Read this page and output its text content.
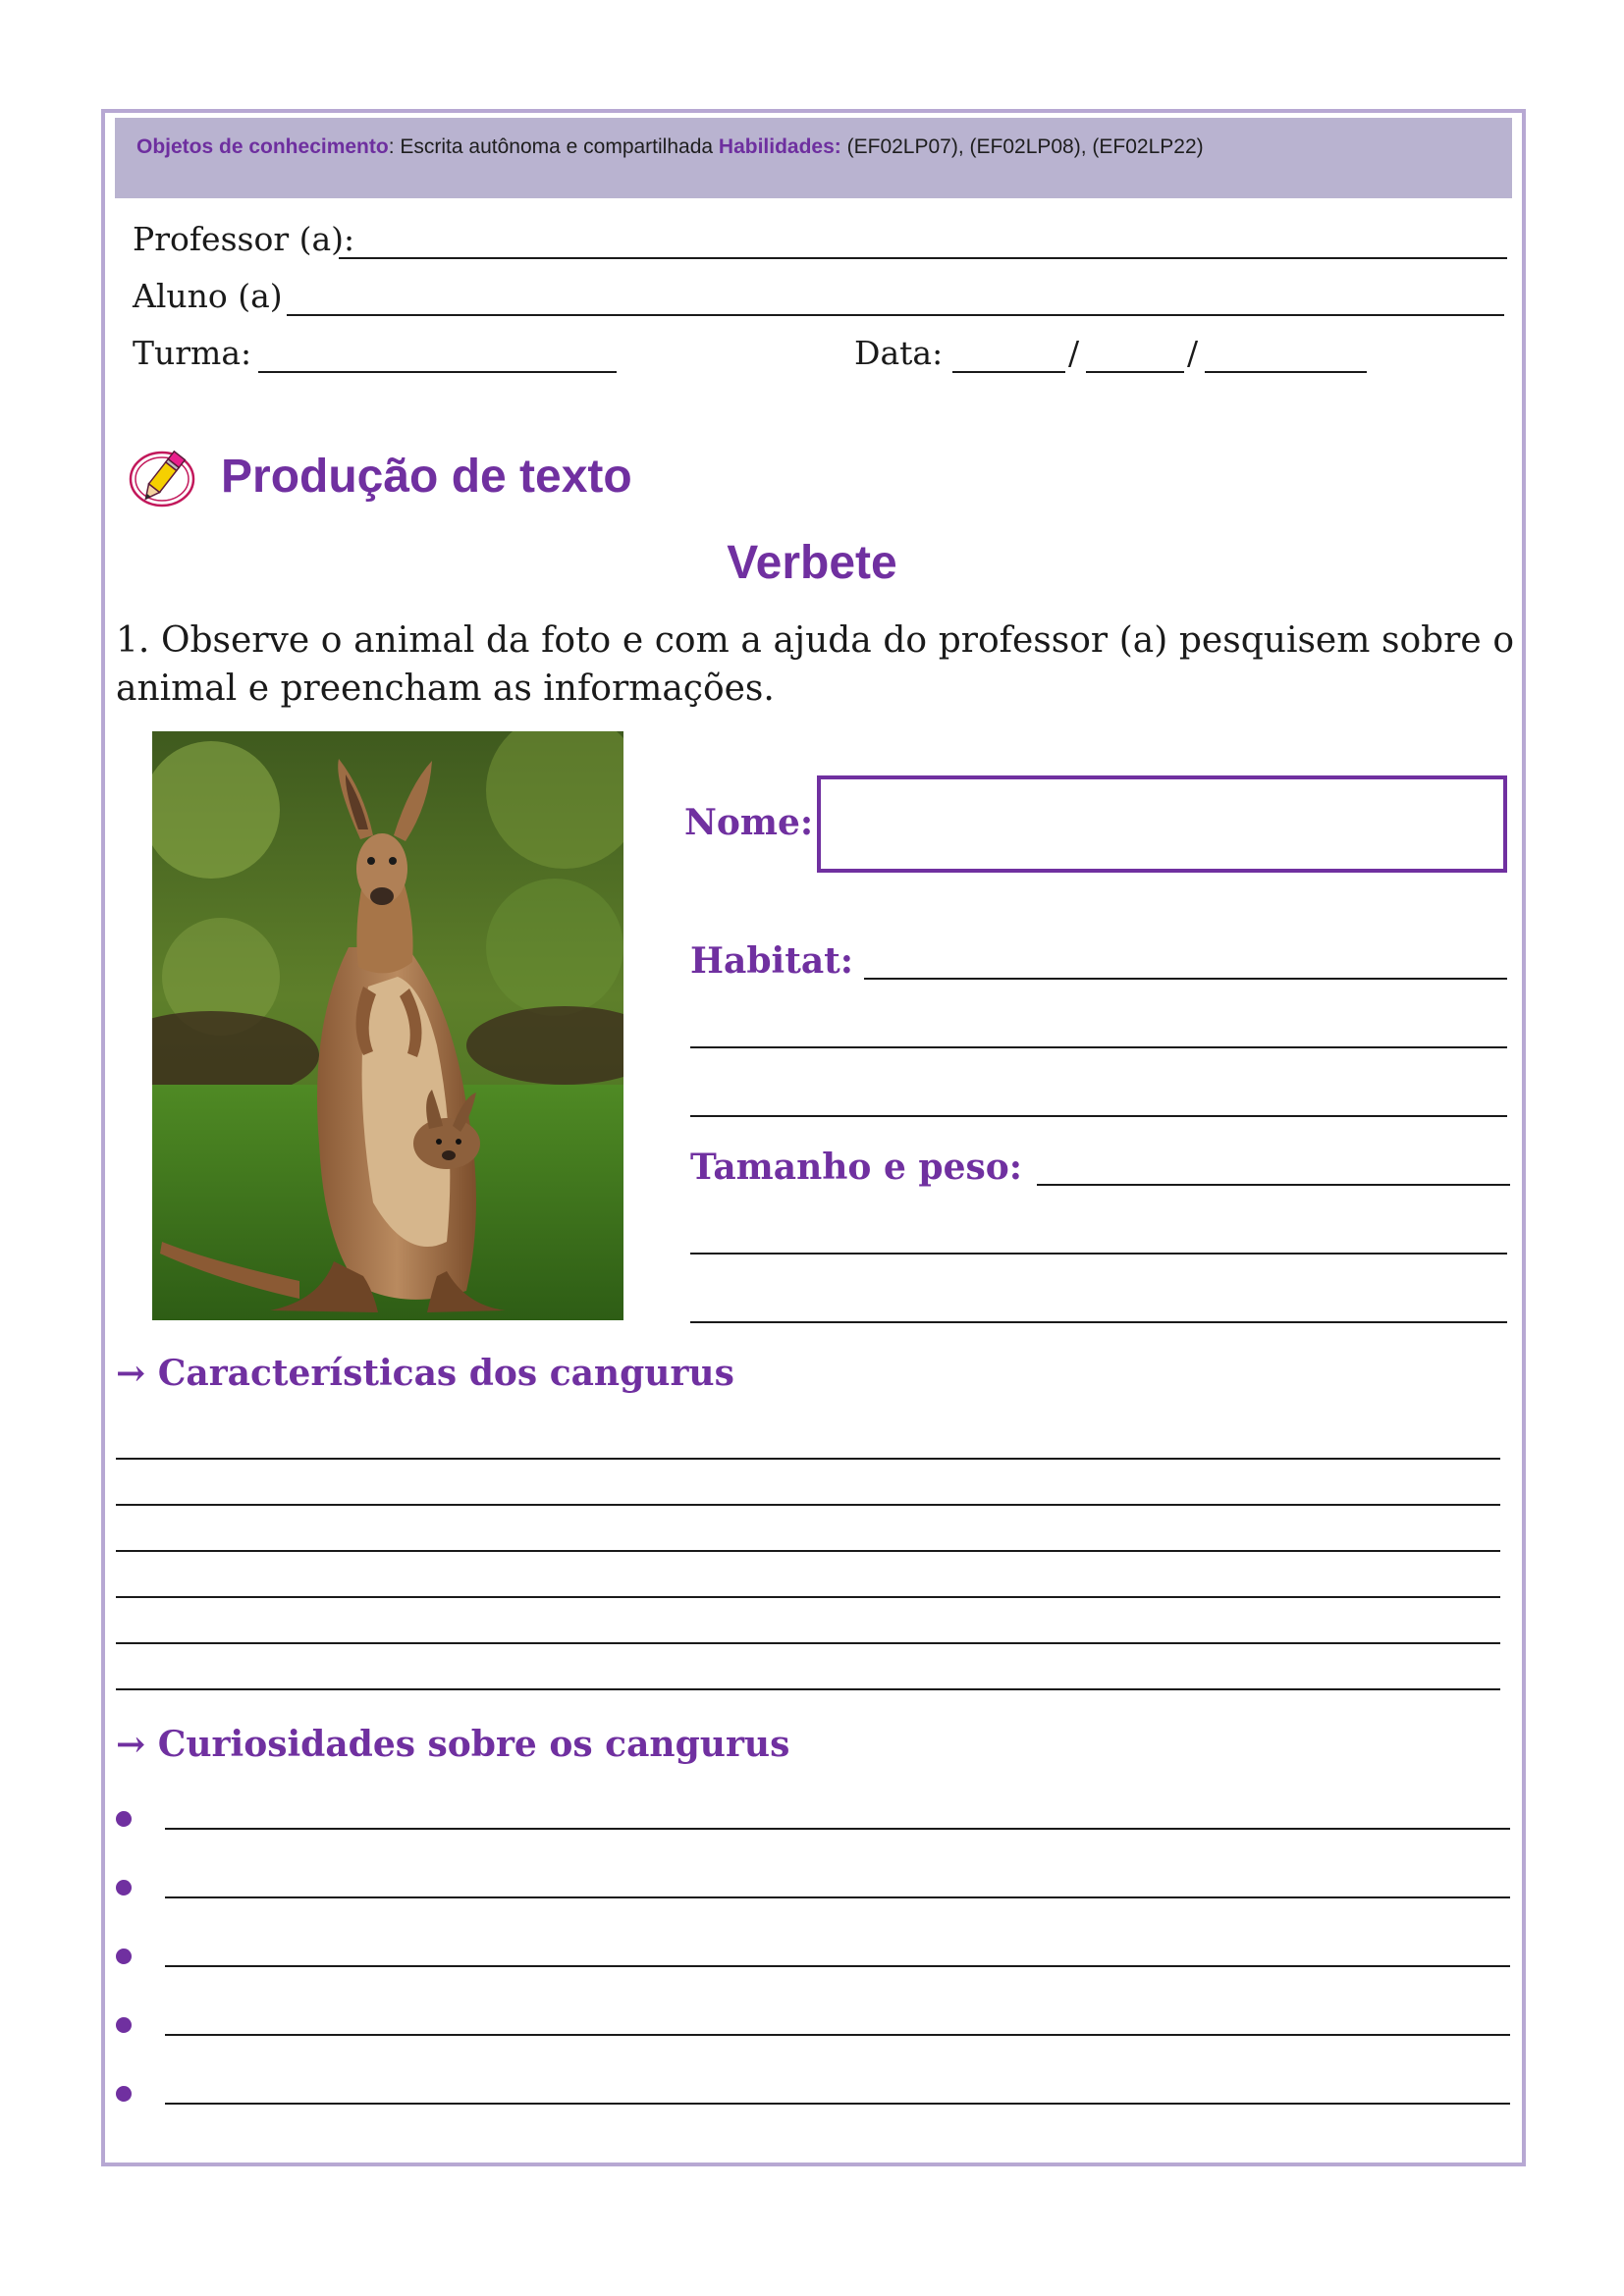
Objetos de conhecimento: Escrita autônoma e compartilhada Habilidades: (EF02LP07), (EF02LP08), (EF02LP22)
Professor (a):
Aluno (a)
Turma:	Data:	/	/
Produção de texto
Verbete
1. Observe o animal da foto e com a ajuda do professor (a) pesquisem sobre o animal e preencham as informações.
Nome:
Habitat:
Tamanho e peso:
→ Características dos cangurus
→ Curiosidades sobre os cangurus
